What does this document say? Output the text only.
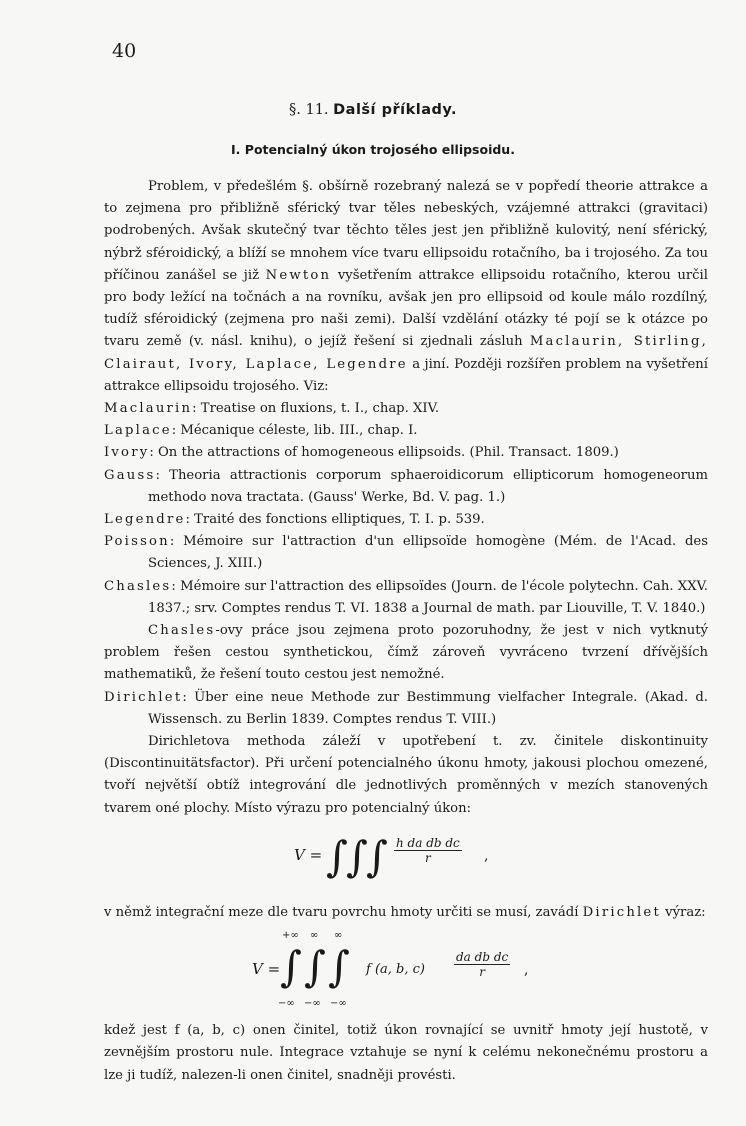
40
§. 11. Další příklady.
I. Potencialný úkon trojosého ellipsoidu.

Problem, v předešlém §. obšírně rozebraný nalezá se v popředí theorie attrakce a to zejmena pro přibližně sférický tvar těles nebeských, vzájemné attrakci (gravitaci) podrobených. Avšak skutečný tvar těchto těles jest jen přibližně kulovitý, není sférický, nýbrž sféroidický, a blíží se mnohem více tvaru ellipsoidu rotačního, ba i trojosého. Za tou příčinou zanášel se již Newton vyšetřením attrakce ellipsoidu rotačního, kterou určil pro body ležící na točnách a na rovníku, avšak jen pro ellipsoid od koule málo rozdílný, tudíž sféroidický (zejmena pro naši zemi). Další vzdělání otázky té pojí se k otázce po tvaru země (v. násl. knihu), o jejíž řešení si zjednali zásluh Maclaurin, Stirling, Clairaut, Ivory, Laplace, Legendre a jiní. Později rozšířen problem na vyšetření attrakce ellipsoidu trojosého. Viz:

Maclaurin: Treatise on fluxions, t. I., chap. XIV.

Laplace: Mécanique céleste, lib. III., chap. I.

Ivory: On the attractions of homogeneous ellipsoids. (Phil. Transact. 1809.)

Gauss: Theoria attractionis corporum sphaeroidicorum ellipticorum homogeneorum methodo nova tractata. (Gauss' Werke, Bd. V. pag. 1.)

Legendre: Traité des fonctions elliptiques, T. I. p. 539.

Poisson: Mémoire sur l'attraction d'un ellipsoïde homogène (Mém. de l'Acad. des Sciences, J. XIII.)

Chasles: Mémoire sur l'attraction des ellipsoïdes (Journ. de l'école polytechn. Cah. XXV. 1837.; srv. Comptes rendus T. VI. 1838 a Journal de math. par Liouville, T. V. 1840.)

Chasles-ovy práce jsou zejmena proto pozoruhodny, že jest v nich vytknutý problem řešen cestou synthetickou, čímž zároveň vyvráceno tvrzení dřívějších mathematiků, že řešení touto cestou jest nemožné.

Dirichlet: Über eine neue Methode zur Bestimmung vielfacher Integrale. (Akad. d. Wissensch. zu Berlin 1839. Comptes rendus T. VIII.)

Dirichletova methoda záleží v upotřebení t. zv. činitele diskontinuity (Discontinuitätsfactor). Při určení potencialného úkonu hmoty, jakousi plochou omezené, tvoří největší obtíž integrování dle jednotlivých proměnných v mezích stanovených tvarem oné plochy. Místo výrazu pro potencialný úkon:

V = ∫
∫
∫ $\frac{\text{h da db dc}}{r}$ ,

v němž integrační meze dle tvaru povrchu hmoty určiti se musí, zavádí Dirichlet výraz:

V =
+∞ ∞ ∞
∫ ∫ ∫
−∞ −∞ −∞
f (a, b, $c) \frac{\text{da db dc}}{r}$ ,

kdež jest f (a, b, c) onen činitel, totiž úkon rovnající se uvnitř hmoty její hustotě, v zevnějším prostoru nule. Integrace vztahuje se nyní k celému nekonečnému prostoru a lze ji tudíž, nalezen-li onen činitel, snadněji provésti.
